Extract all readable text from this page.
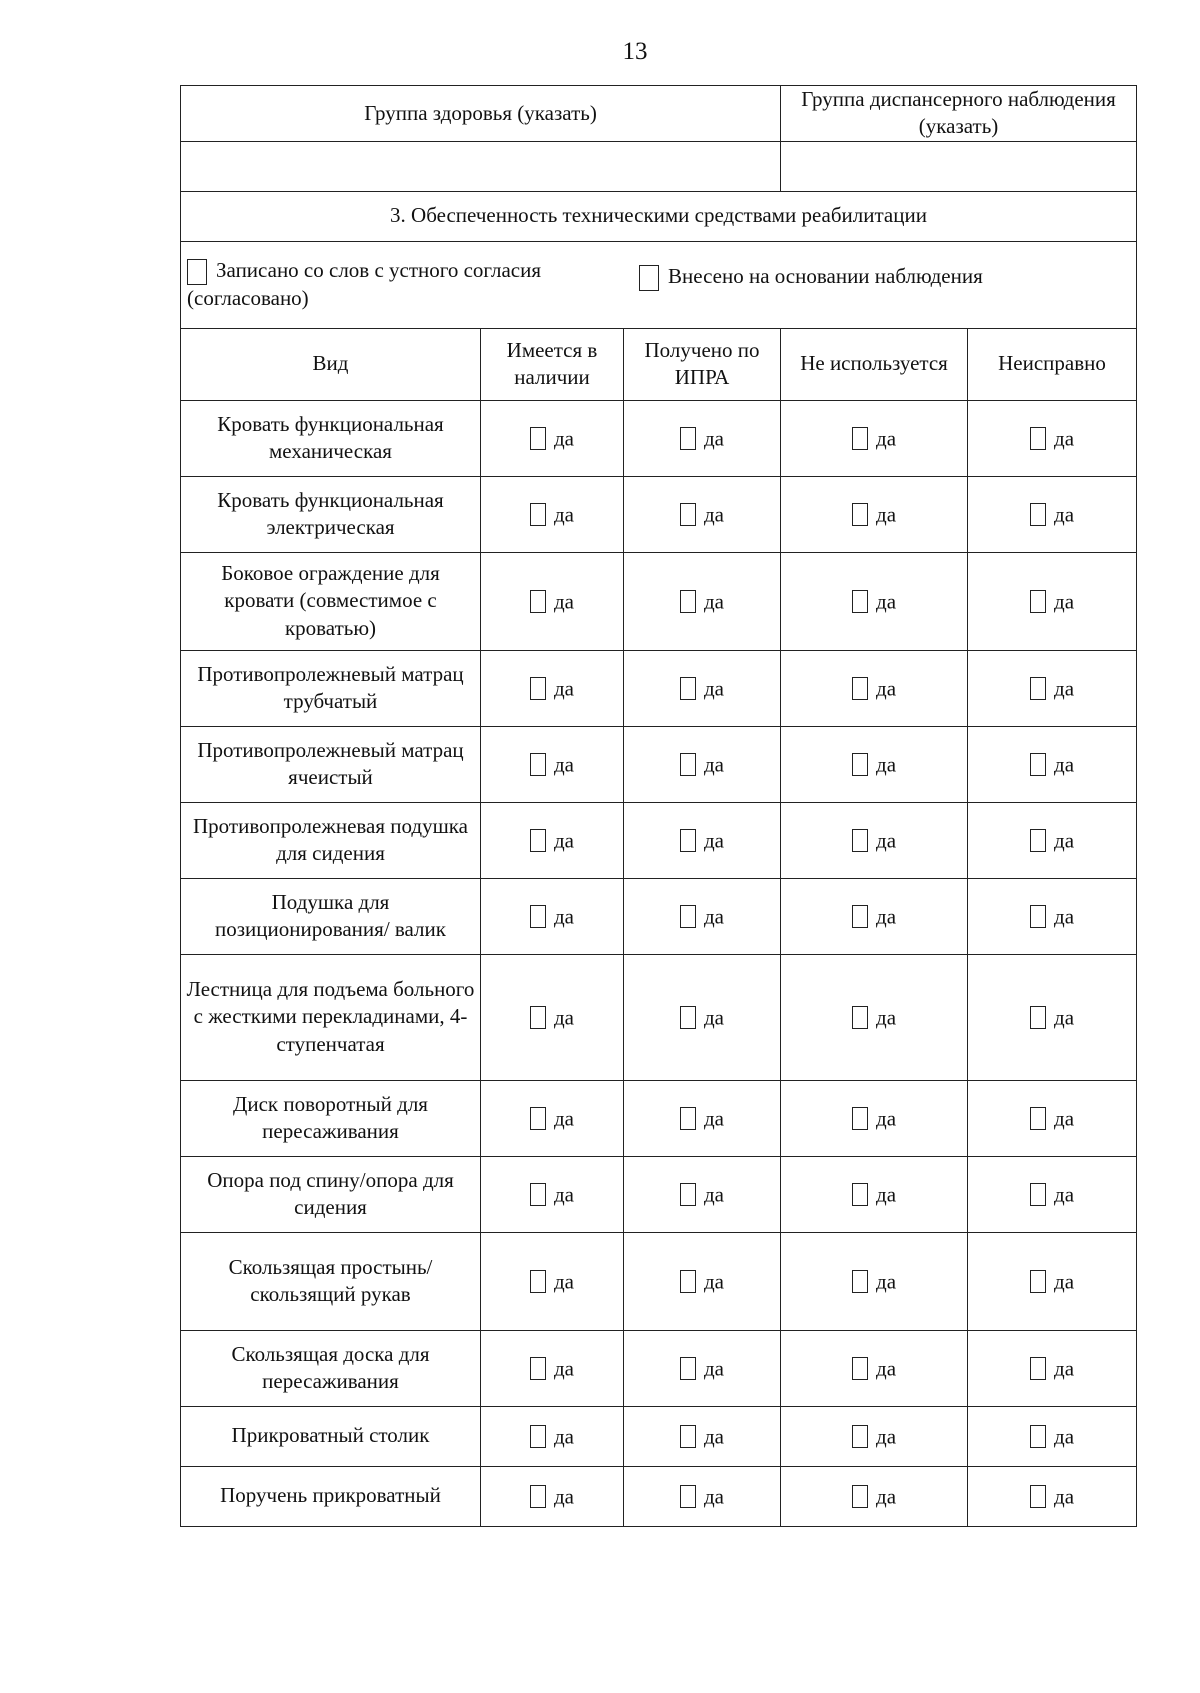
13
Группа здоровья (указать)			Группа диспансерного наблюдения (указать)	

3. Обеспеченность техническими средствами реабилитации				

Записано со слов с устного согласия (согласовано)
Внесено на основании наблюдения				

Вид	Имеется в наличии	Получено по ИПРА	Не используется	Неисправно
Кровать функциональная механическая	да	да	да	да
Кровать функциональная электрическая	да	да	да	да
Боковое ограждение для кровати (совместимое с кроватью)	да	да	да	да
Противопролежневый матрац трубчатый	да	да	да	да
Противопролежневый матрац ячеистый	да	да	да	да
Противопролежневая подушка для сидения	да	да	да	да
Подушка для позиционирования/ валик	да	да	да	да
Лестница для подъема больного с жесткими перекладинами, 4-ступенчатая	да	да	да	да
Диск поворотный для пересаживания	да	да	да	да
Опора под спину/опора для сидения	да	да	да	да
Скользящая простынь/скользящий рукав	да	да	да	да
Скользящая доска для пересаживания	да	да	да	да
Прикроватный столик	да	да	да	да
Поручень прикроватный	да	да	да	да
